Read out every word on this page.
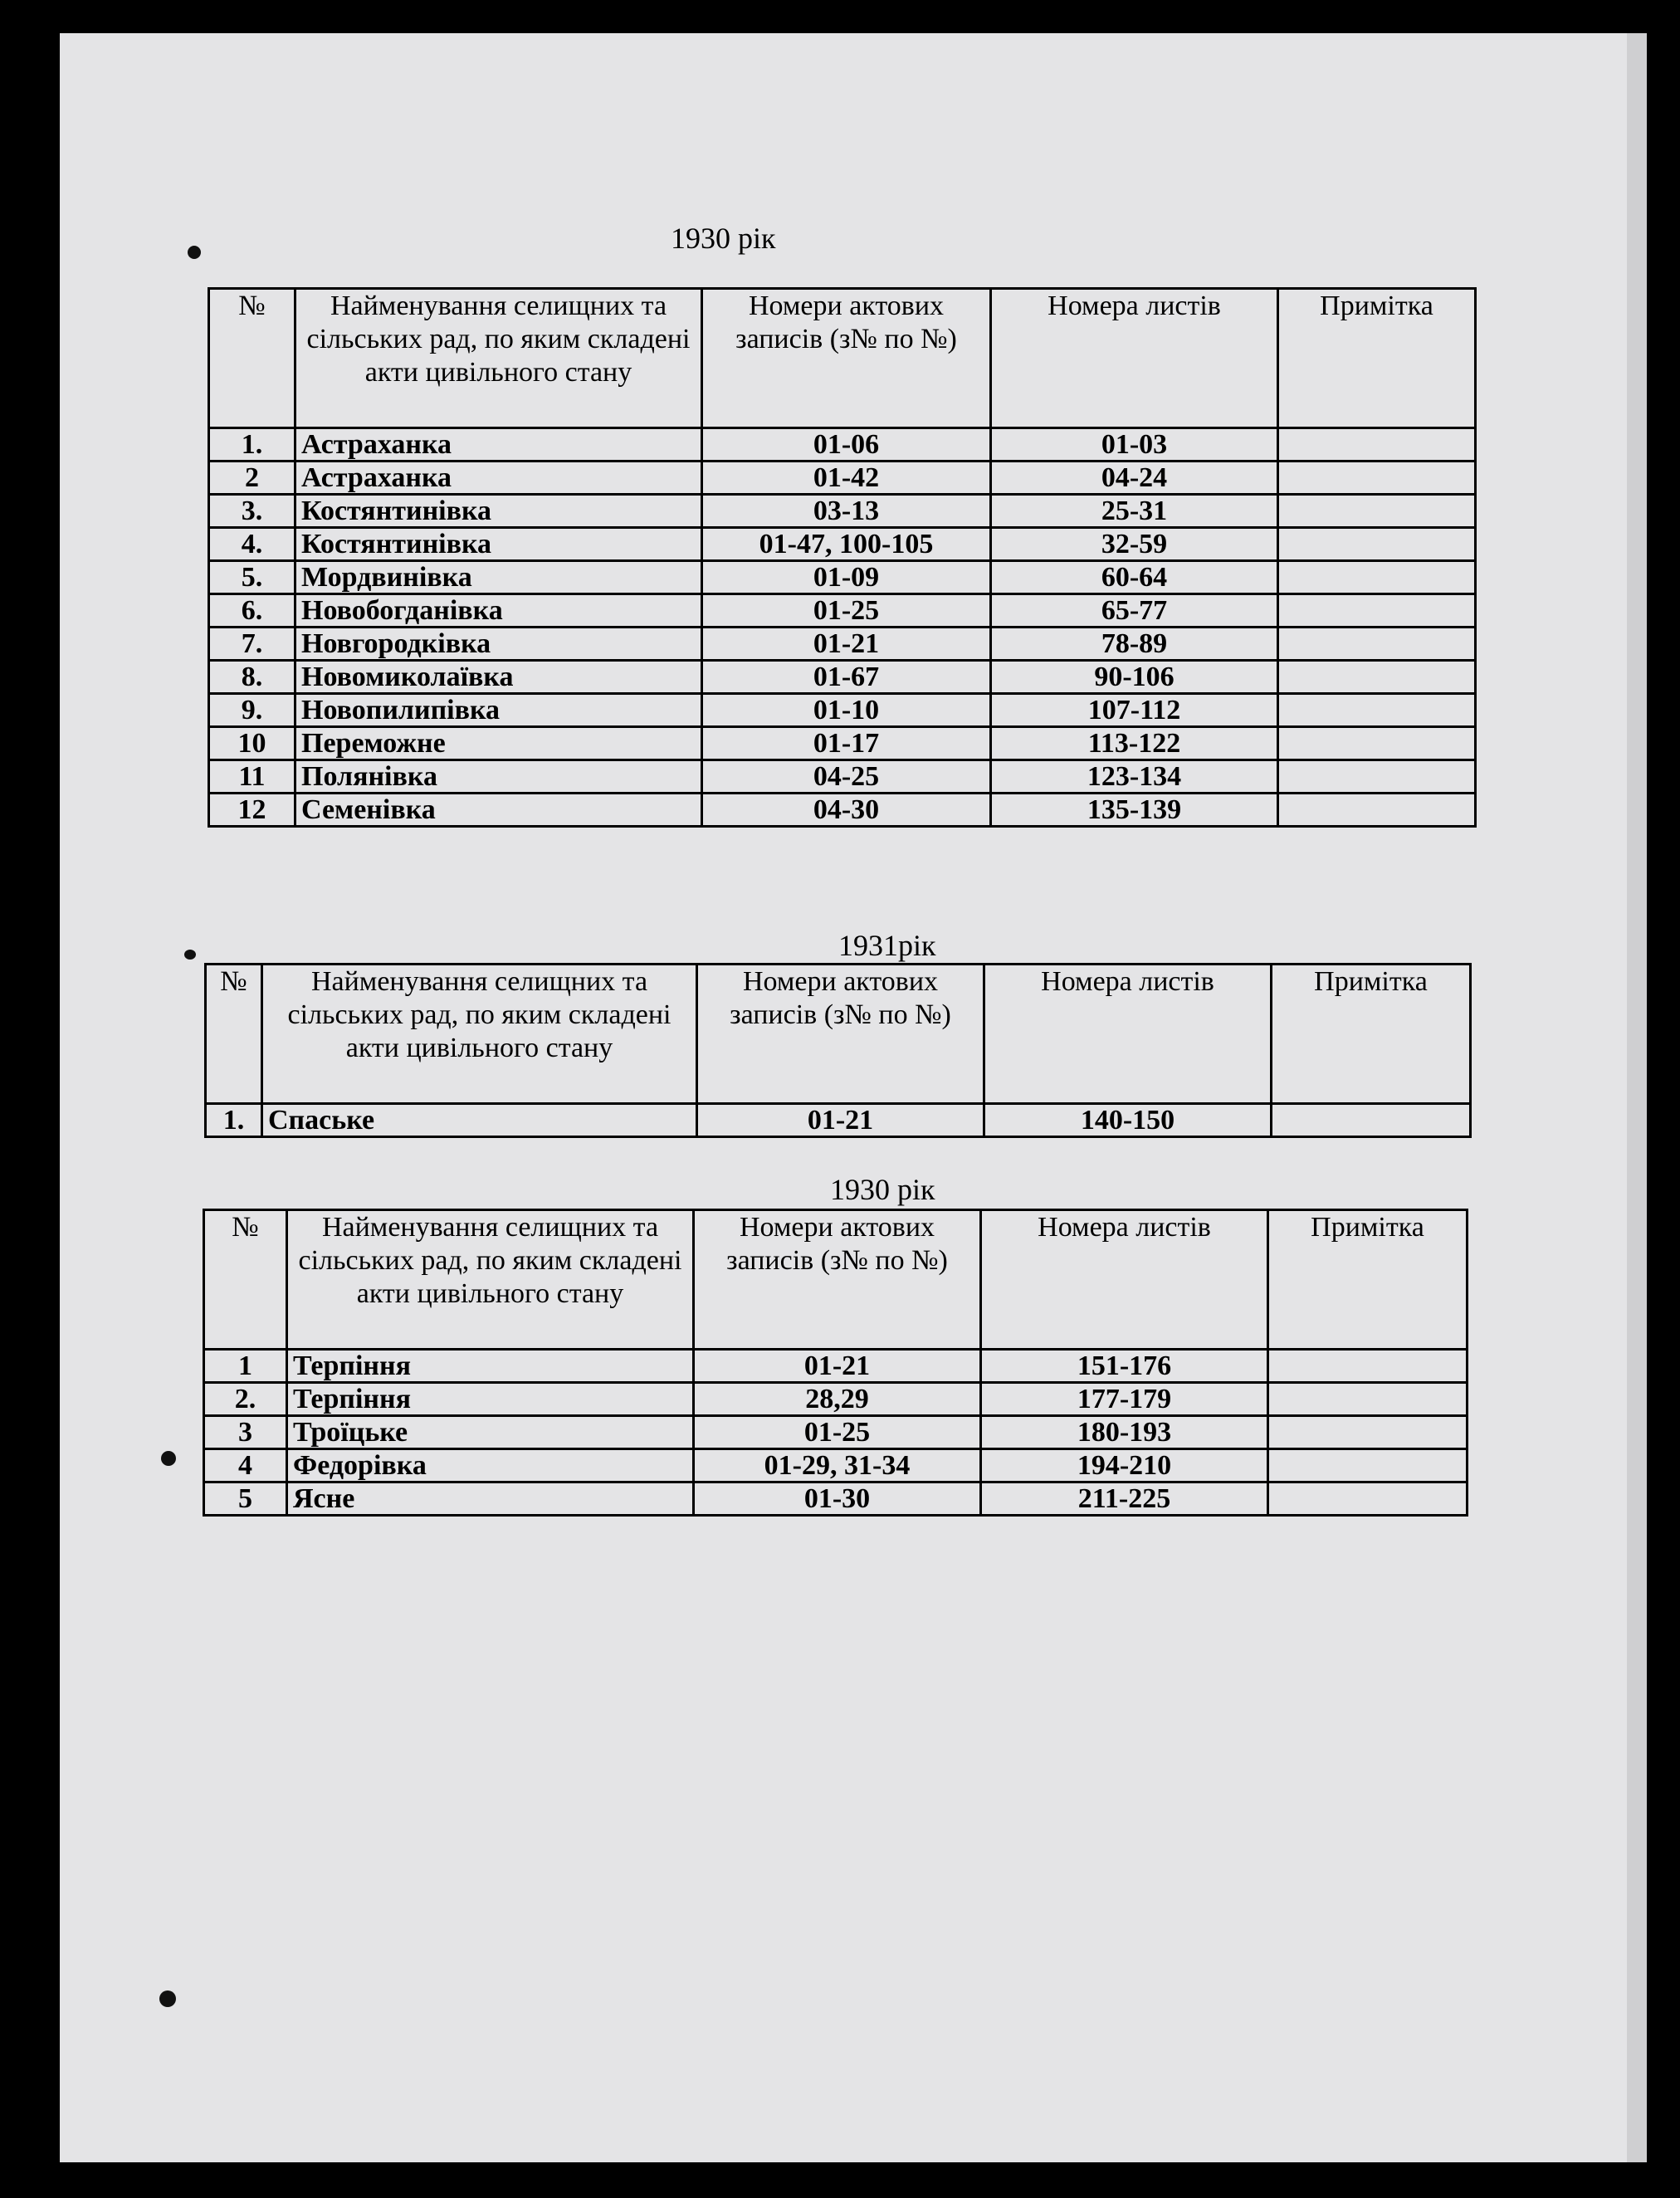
1930 рік
№	Найменування селищних та сільських рад, по яким складені акти цивільного стану	Номери актових записів (з№ по №)	Номера листів	Примітка
1.	Астраханка	01-06	01-03	
2	Астраханка	01-42	04-24	
3.	Костянтинівка	03-13	25-31	
4.	Костянтинівка	01-47, 100-105	32-59	
5.	Мордвинівка	01-09	60-64	
6.	Новобогданівка	01-25	65-77	
7.	Новгородківка	01-21	78-89	
8.	Новомиколаївка	01-67	90-106	
9.	Новопилипівка	01-10	107-112	
10	Переможне	01-17	113-122	
11	Полянівка	04-25	123-134	
12	Семенівка	04-30	135-139	
1931рік
№	Найменування селищних та сільських рад, по яким складені акти цивільного стану	Номери актових записів (з№ по №)	Номера листів	Примітка
1.	Спаське	01-21	140-150	
1930 рік
№	Найменування селищних та сільських рад, по яким складені акти цивільного стану	Номери актових записів (з№ по №)	Номера листів	Примітка
1	Терпіння	01-21	151-176	
2.	Терпіння	28,29	177-179	
3	Троїцьке	01-25	180-193	
4	Федорівка	01-29, 31-34	194-210	
5	Ясне	01-30	211-225	
